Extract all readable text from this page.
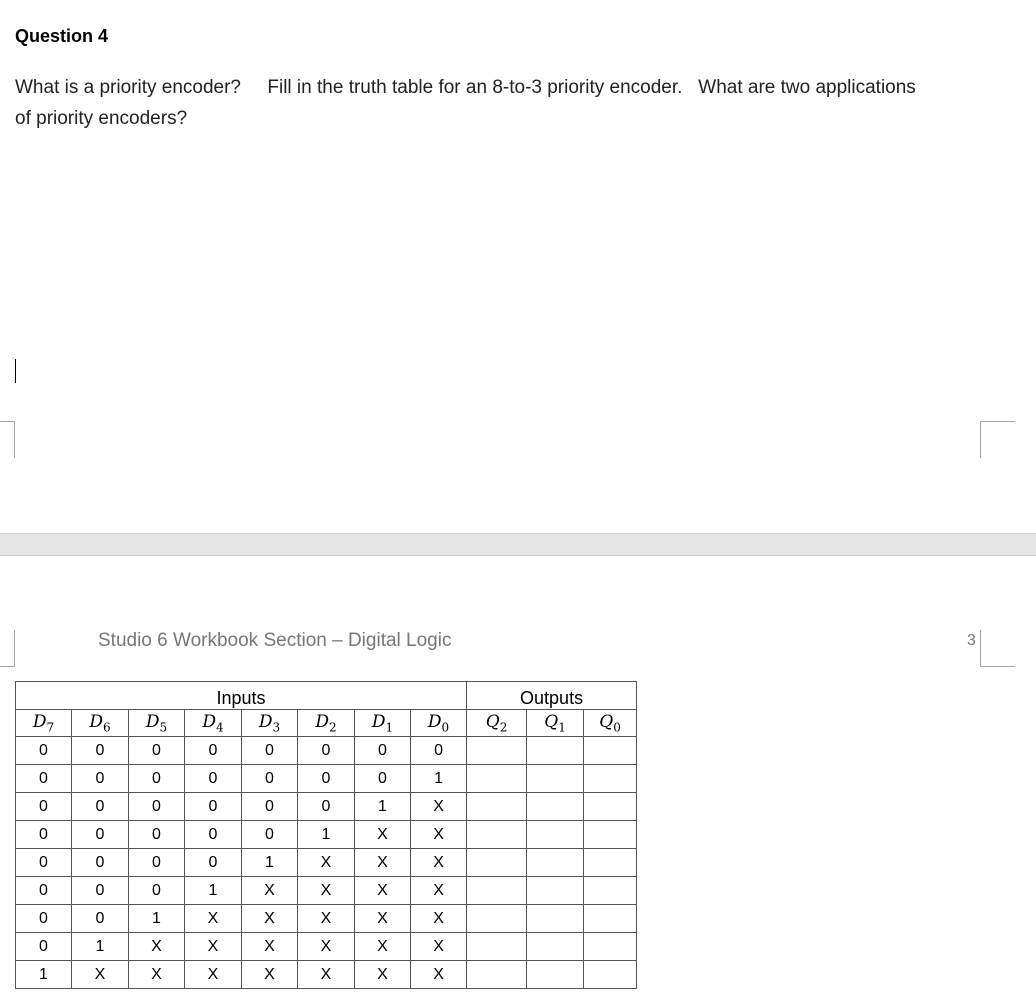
Question 4
What is a priority encoder?     Fill in the truth table for an 8-to-3 priority encoder.   What are two applications
of priority encoders?
Studio 6 Workbook Section – Digital Logic	3
Inputs								Outputs		
$D_7$	$D_6$	$D_5$	$D_4$	$D_3$	$D_2$	$D_1$	$D_0$	$Q_2$	$Q_1$	$Q_0$
0	0	0	0	0	0	0	0			
0	0	0	0	0	0	0	1			
0	0	0	0	0	0	1	X			
0	0	0	0	0	1	X	X			
0	0	0	0	1	X	X	X			
0	0	0	1	X	X	X	X			
0	0	1	X	X	X	X	X			
0	1	X	X	X	X	X	X			
1	X	X	X	X	X	X	X			
